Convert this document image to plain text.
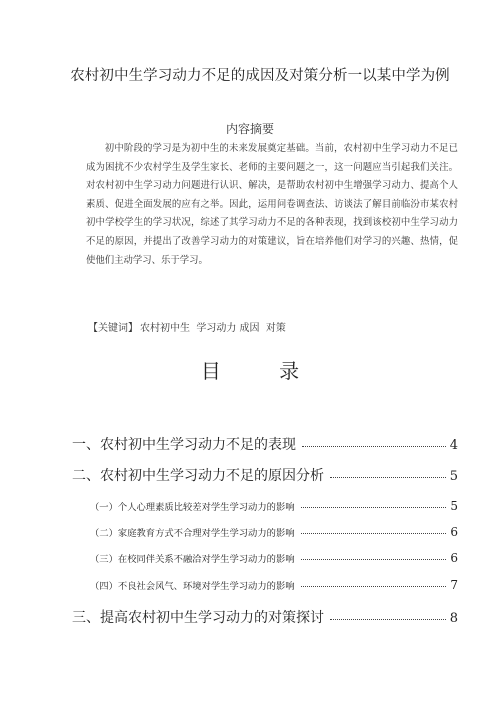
农村初中生学习动力不足的成因及对策分析一以某中学为例
内容摘要
初中阶段的学习是为初中生的未来发展奠定基础。当前，农村初中生学习动力不足已成为困扰不少农村学生及学生家长、老师的主要问题之一，这一问题应当引起我们关注。对农村初中生学习动力问题进行认识、解决，是帮助农村初中生增强学习动力、提高个人素质、促进全面发展的应有之举。因此，运用问卷调查法、访谈法了解目前临汾市某农村初中学校学生的学习状况，综述了其学习动力不足的各种表现，找到该校初中生学习动力不足的原因，并提出了改善学习动力的对策建议，旨在培养他们对学习的兴趣、热情，促使他们主动学习、乐于学习。
【关键词】 农村初中生  学习动力 成因  对策
目 录
一、农村初中生学习动力不足的表现	4
二、农村初中生学习动力不足的原因分析	5
（一）个人心理素质比较差对学生学习动力的影响	5
（二）家庭教育方式不合理对学生学习动力的影响	6
（三）在校同伴关系不融洽对学生学习动力的影响	6
（四）不良社会风气、环境对学生学习动力的影响	7
三、提高农村初中生学习动力的对策探讨	8
